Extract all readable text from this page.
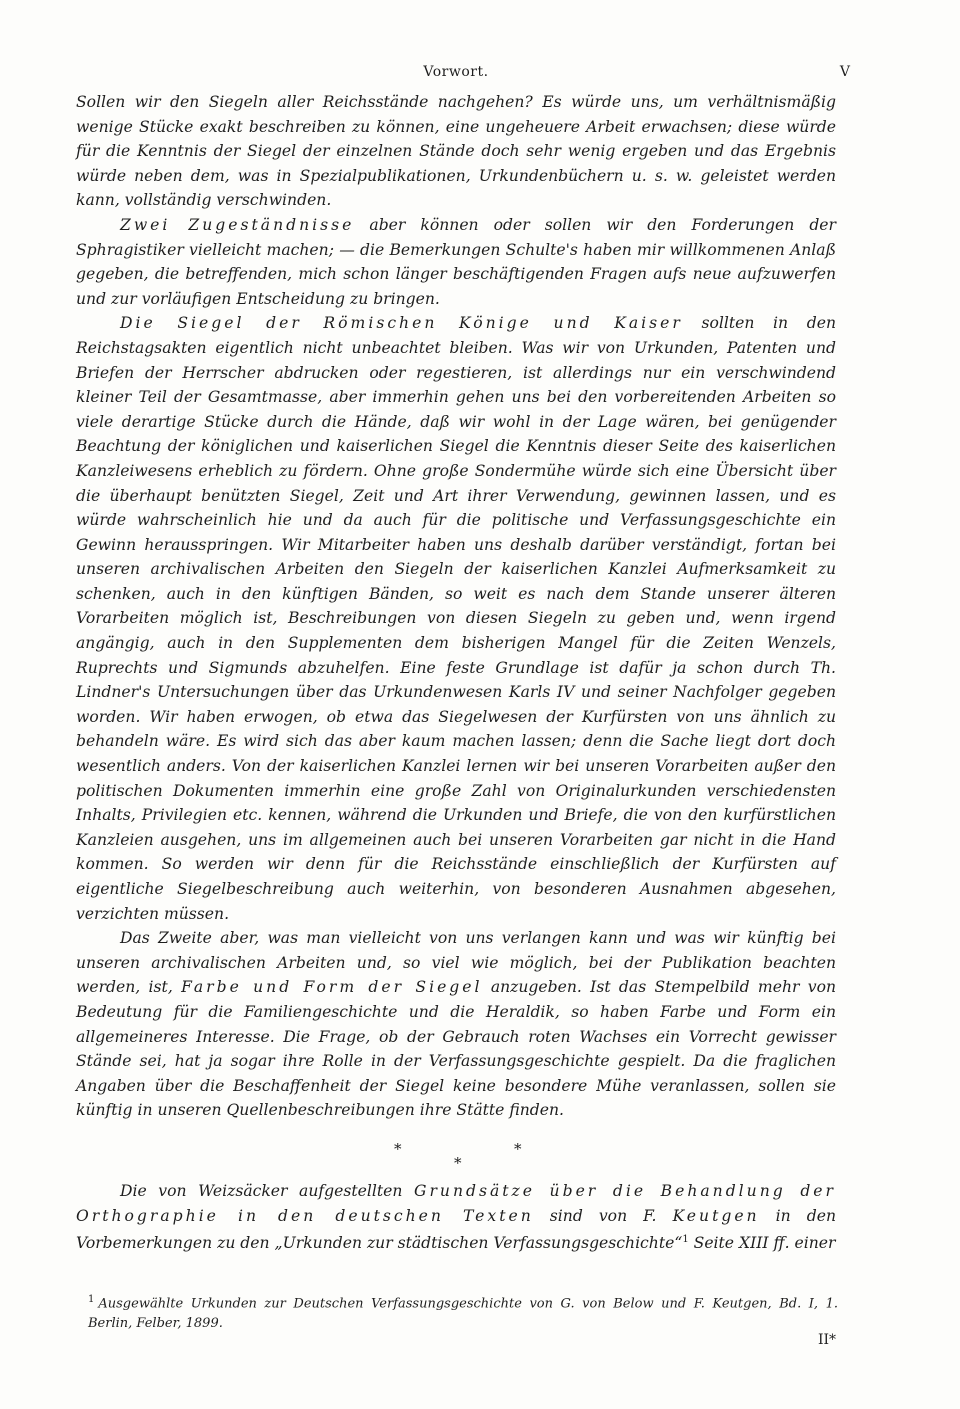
Vorwort.	V

Sollen wir den Siegeln aller Reichsstände nachgehen? Es würde uns, um verhältnismäßig wenige Stücke exakt beschreiben zu können, eine ungeheuere Arbeit erwachsen; diese würde für die Kenntnis der Siegel der einzelnen Stände doch sehr wenig ergeben und das Ergebnis würde neben dem, was in Spezialpublikationen, Urkundenbüchern u. s. w. geleistet werden kann, vollständig verschwinden.

Zwei Zugeständnisse aber können oder sollen wir den Forderungen der Sphragistiker vielleicht machen; — die Bemerkungen Schulte's haben mir willkommenen Anlaß gegeben, die betreffenden, mich schon länger beschäftigenden Fragen aufs neue aufzuwerfen und zur vorläufigen Entscheidung zu bringen.

Die Siegel der Römischen Könige und Kaiser sollten in den Reichstagsakten eigentlich nicht unbeachtet bleiben. Was wir von Urkunden, Patenten und Briefen der Herrscher abdrucken oder regestieren, ist allerdings nur ein verschwindend kleiner Teil der Gesamtmasse, aber immerhin gehen uns bei den vorbereitenden Arbeiten so viele derartige Stücke durch die Hände, daß wir wohl in der Lage wären, bei genügender Beachtung der königlichen und kaiserlichen Siegel die Kenntnis dieser Seite des kaiserlichen Kanzleiwesens erheblich zu fördern. Ohne große Sondermühe würde sich eine Übersicht über die überhaupt benützten Siegel, Zeit und Art ihrer Verwendung, gewinnen lassen, und es würde wahrscheinlich hie und da auch für die politische und Verfassungsgeschichte ein Gewinn herausspringen. Wir Mitarbeiter haben uns deshalb darüber verständigt, fortan bei unseren archivalischen Arbeiten den Siegeln der kaiserlichen Kanzlei Aufmerksamkeit zu schenken, auch in den künftigen Bänden, so weit es nach dem Stande unserer älteren Vorarbeiten möglich ist, Beschreibungen von diesen Siegeln zu geben und, wenn irgend angängig, auch in den Supplementen dem bisherigen Mangel für die Zeiten Wenzels, Ruprechts und Sigmunds abzuhelfen. Eine feste Grundlage ist dafür ja schon durch Th. Lindner's Untersuchungen über das Urkundenwesen Karls IV und seiner Nachfolger gegeben worden. Wir haben erwogen, ob etwa das Siegelwesen der Kurfürsten von uns ähnlich zu behandeln wäre. Es wird sich das aber kaum machen lassen; denn die Sache liegt dort doch wesentlich anders. Von der kaiserlichen Kanzlei lernen wir bei unseren Vorarbeiten außer den politischen Dokumenten immerhin eine große Zahl von Originalurkunden verschiedensten Inhalts, Privilegien etc. kennen, während die Urkunden und Briefe, die von den kurfürstlichen Kanzleien ausgehen, uns im allgemeinen auch bei unseren Vorarbeiten gar nicht in die Hand kommen. So werden wir denn für die Reichsstände einschließlich der Kurfürsten auf eigentliche Siegelbeschreibung auch weiterhin, von besonderen Ausnahmen abgesehen, verzichten müssen.

Das Zweite aber, was man vielleicht von uns verlangen kann und was wir künftig bei unseren archivalischen Arbeiten und, so viel wie möglich, bei der Publikation beachten werden, ist, Farbe und Form der Siegel anzugeben. Ist das Stempelbild mehr von Bedeutung für die Familiengeschichte und die Heraldik, so haben Farbe und Form ein allgemeineres Interesse. Die Frage, ob der Gebrauch roten Wachses ein Vorrecht gewisser Stände sei, hat ja sogar ihre Rolle in der Verfassungsgeschichte gespielt. Da die fraglichen Angaben über die Beschaffenheit der Siegel keine besondere Mühe veranlassen, sollen sie künftig in unseren Quellenbeschreibungen ihre Stätte finden.

*
*
*

Die von Weizsäcker aufgestellten Grundsätze über die Behandlung der Orthographie in den deutschen Texten sind von F. Keutgen in den Vorbemerkungen zu den „Urkunden zur städtischen Verfassungsgeschichte“$^1$ Seite XIII ff. einer

$^1$ Ausgewählte Urkunden zur Deutschen Verfassungsgeschichte von G. von Below und F. Keutgen, Bd. I, 1. Berlin, Felber, 1899.
II*
